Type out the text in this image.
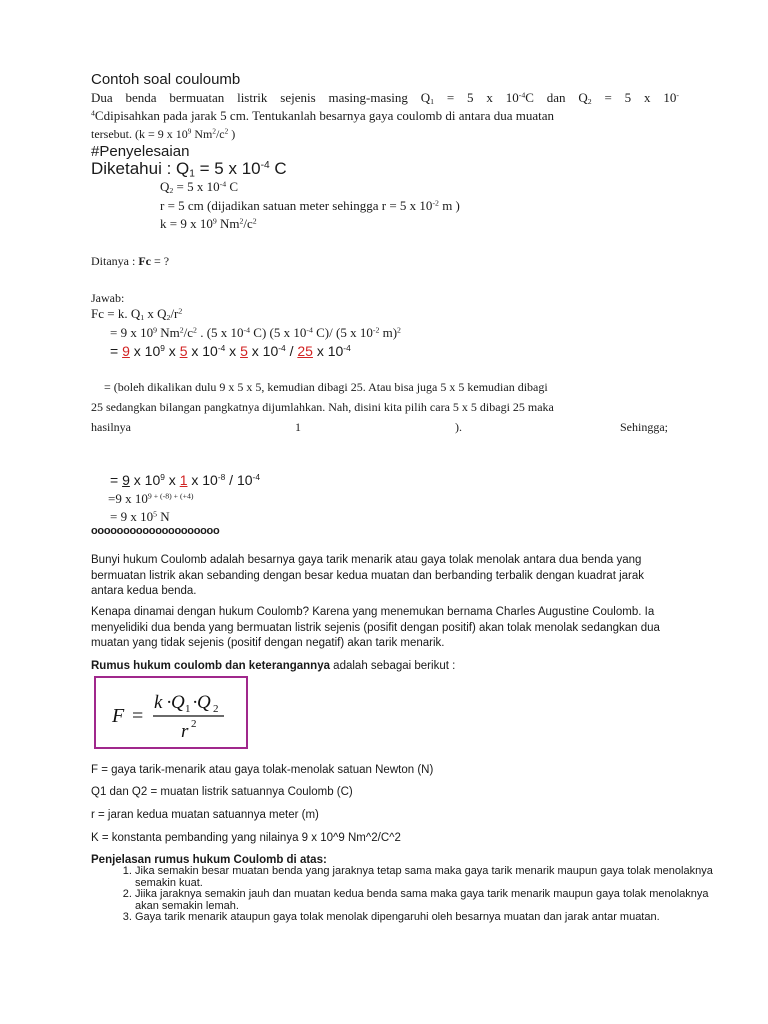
Contoh soal couloumb
Dua benda bermuatan listrik sejenis masing-masing $Q_1 = 5$ x $10^{-4}C$ dan $Q_2 = 5$ x 10-
$^4$Cdipisahkan pada jarak 5 cm. Tentukanlah besarnya gaya coulomb di antara dua muatan
tersebut. (k = 9 x $10^9$ $Nm^2/c^2$ )
#Penyelesaian
Diketahui : $Q_1 = 5$ x $10^{-4}$ C
$Q_2 = 5$ x $10^{-4}$ C
r = 5 cm (dijadikan satuan meter sehingga r = 5 x $10^{-2}$ m )
k = 9 x $10^9$ $Nm^2/c^2$
Ditanya : Fc = ?
Jawab:
Fc = k. $Q_1$ x $Q_2/r^2$
= 9 x $10^9$ $Nm^2/c^2$ . (5 x $10^{-4}$ C) (5 x $10^{-4}$ C)/ (5 x $10^{-2}$ m)$^2$
= 9 x $10^9$ x 5 x $10^{-4}$ x 5 x $10^{-4} / 25$ x $10^{-4}$
= (boleh dikalikan dulu 9 x 5 x 5, kemudian dibagi 25. Atau bisa juga 5 x 5 kemudian dibagi
25 sedangkan bilangan pangkatnya dijumlahkan. Nah, disini kita pilih cara 5 x 5 dibagi 25 maka
hasilnya	1	).	Sehingga;
= 9 x $10^9$ x 1 x $10^{-8} / 10^{-4}$
=9 x $10^{9 + (-8) + (+4)}$
= 9 x $10^5$ N
oooooooooooooooooooo
Bunyi hukum Coulomb adalah besarnya gaya tarik menarik atau gaya tolak menolak antara dua benda yang bermuatan listrik akan sebanding dengan besar kedua muatan dan berbanding terbalik dengan kuadrat jarak antara kedua benda.
Kenapa dinamai dengan hukum Coulomb? Karena yang menemukan bernama Charles Augustine Coulomb. Ia menyelidiki dua benda yang bermuatan listrik sejenis (posifit dengan positif) akan tolak menolak sedangkan dua muatan yang tidak sejenis (positif dengan negatif) akan tarik menarik.
Rumus hukum coulomb dan keterangannya adalah sebagai berikut :
F =
k ·
Q 1 ·
Q 2
r 2
F = gaya tarik-menarik atau gaya tolak-menolak satuan Newton (N)
Q1 dan Q2 = muatan listrik satuannya Coulomb (C)
r = jaran kedua muatan satuannya meter (m)
K = konstanta pembanding yang nilainya 9 x 10^9 Nm^2/C^2
Penjelasan rumus hukum Coulomb di atas:
1. Jika semakin besar muatan benda yang jaraknya tetap sama maka gaya tarik menarik maupun gaya tolak menolaknya semakin kuat.
2. Jiika jaraknya semakin jauh dan muatan kedua benda sama maka gaya tarik menarik maupun gaya tolak menolaknya akan semakin lemah.
3. Gaya tarik menarik ataupun gaya tolak menolak dipengaruhi oleh besarnya muatan dan jarak antar muatan.
